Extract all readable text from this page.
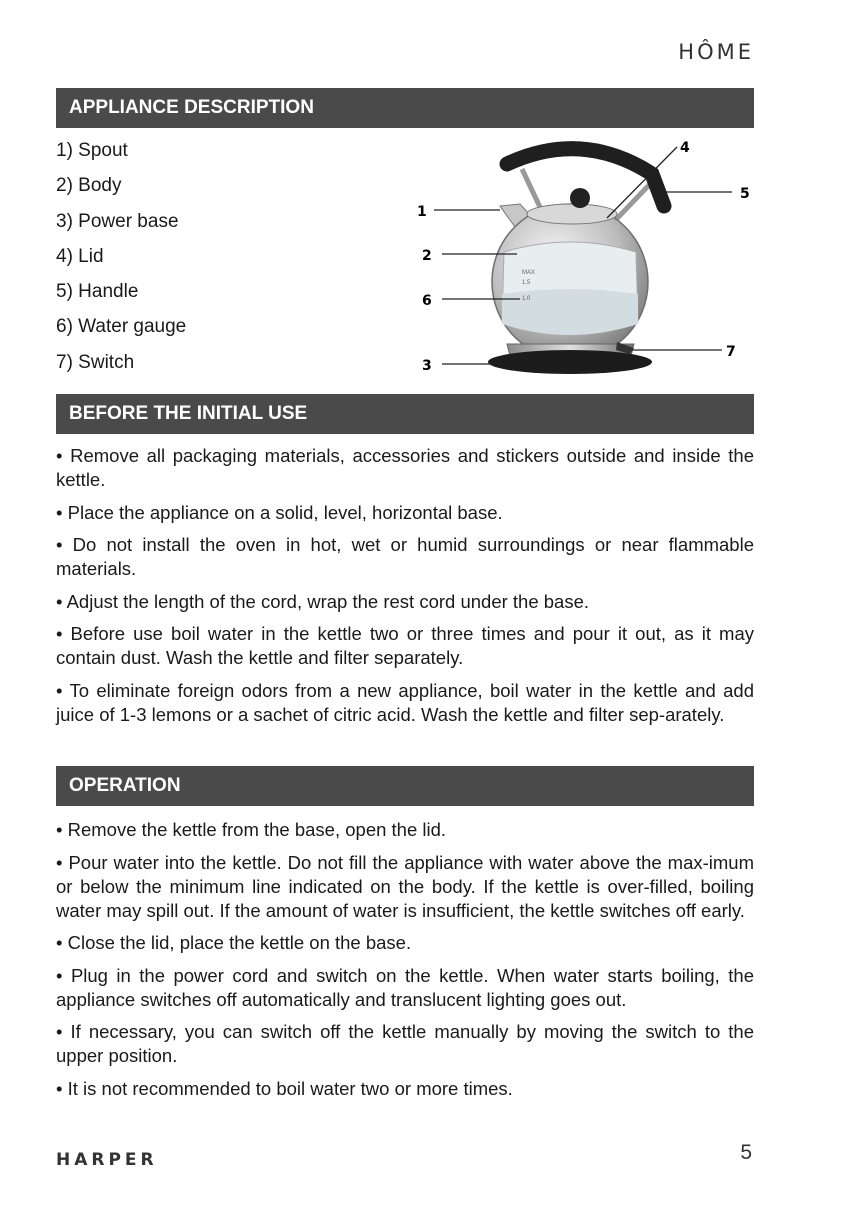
HÔME
APPLIANCE DESCRIPTION
1) Spout
2) Body
3) Power base
4) Lid
5) Handle
6) Water gauge
7) Switch
MAX
1.5
1.0
1
2
3
4
5
6
7
BEFORE THE INITIAL USE

• Remove all packaging materials, accessories and stickers outside and inside the kettle.

• Place the appliance on a solid, level, horizontal base.

• Do not install the oven in hot, wet or humid surroundings or near flammable materials.

• Adjust the length of the cord, wrap the rest cord under the base.

• Before use boil water in the kettle two or three times and pour it out, as it may contain dust. Wash the kettle and filter separately.

• To eliminate foreign odors from a new appliance, boil water in the kettle and add juice of 1-3 lemons or a sachet of citric acid. Wash the kettle and filter sep-arately.

OPERATION

• Remove the kettle from the base, open the lid.

• Pour water into the kettle. Do not fill the appliance with water above the max-imum or below the minimum line indicated on the body. If the kettle is over-filled, boiling water may spill out. If the amount of water is insufficient, the kettle switches off early.

• Close the lid, place the kettle on the base.

• Plug in the power cord and switch on the kettle. When water starts boiling, the appliance switches off automatically and translucent lighting goes out.

• If necessary, you can switch off the kettle manually by moving the switch to the upper position.

• It is not recommended to boil water two or more times.

HARPER	5
